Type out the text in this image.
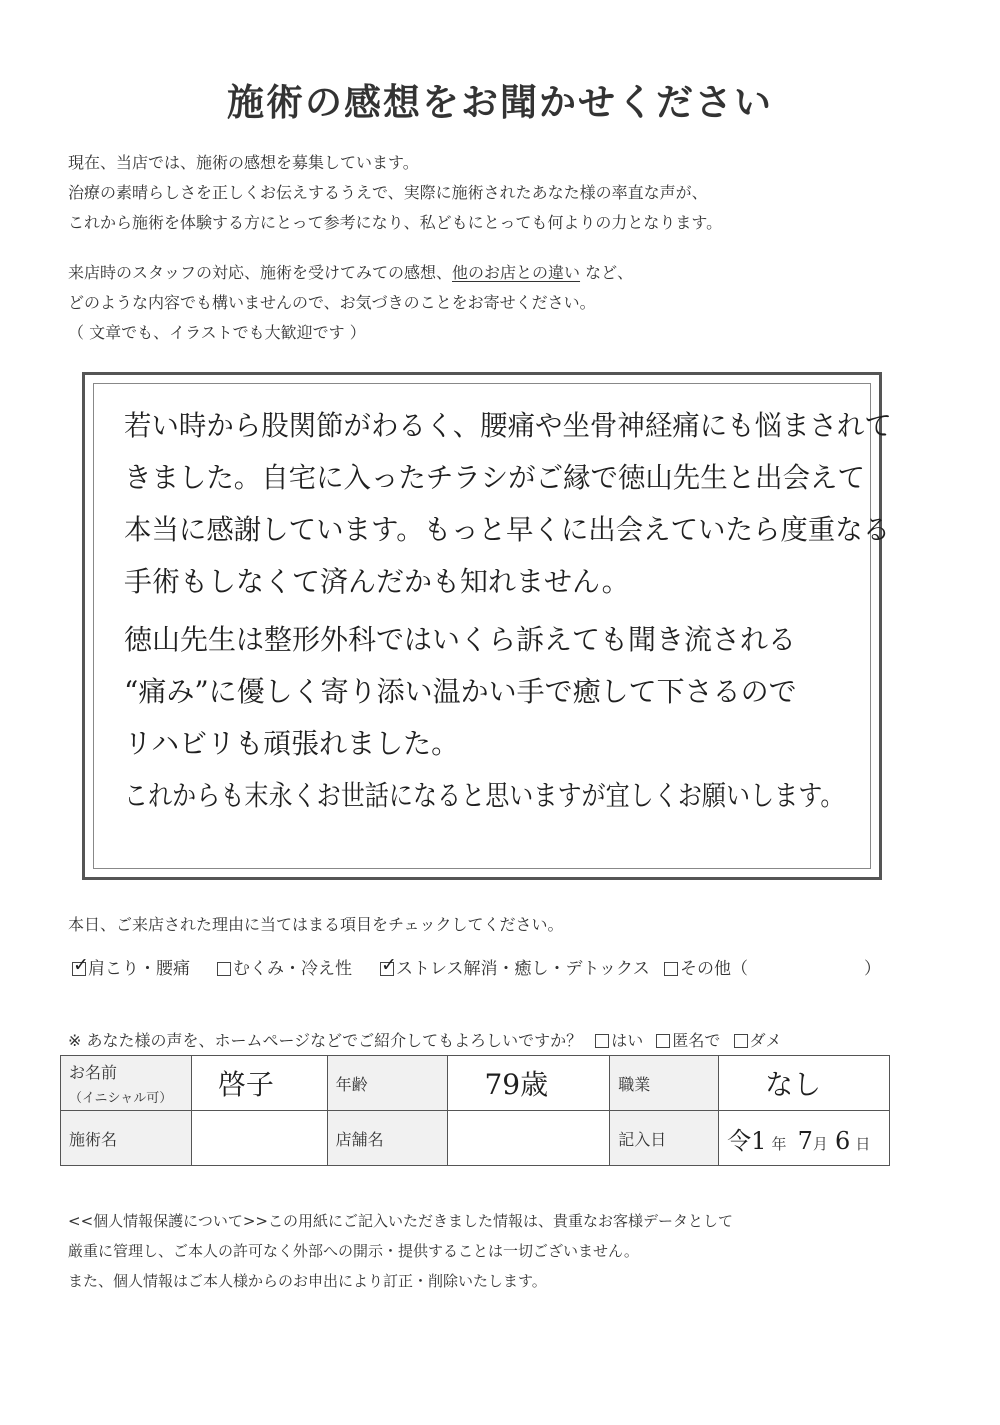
施術の感想をお聞かせください
現在、当店では、施術の感想を募集しています。
治療の素晴らしさを正しくお伝えするうえで、実際に施術されたあなた様の率直な声が、
これから施術を体験する方にとって参考になり、私どもにとっても何よりの力となります。
来店時のスタッフの対応、施術を受けてみての感想、他のお店との違い など、
どのような内容でも構いませんので、お気づきのことをお寄せください。
（ 文章でも、イラストでも大歓迎です ）
若い時から股関節がわるく、腰痛や坐骨神経痛にも悩まされて
きました。自宅に入ったチラシがご縁で徳山先生と出会えて
本当に感謝しています。もっと早くに出会えていたら度重なる
手術もしなくて済んだかも知れません。
徳山先生は整形外科ではいくら訴えても聞き流される
“痛み”に優しく寄り添い温かい手で癒して下さるので
リハビリも頑張れました。
これからも末永くお世話になると思いますが宜しくお願いします。
本日、ご来店された理由に当てはまる項目をチェックしてください。
✓肩こり・腰痛	むくみ・冷え性 ✓	ストレス解消・癒し・デトックス	その他（	）
※ あなた様の声を、ホームページなどでご紹介してもよろしいですか？ はい 匿名で ダメ
お名前
（イニシャル可）	啓子	年齢	79歳	職業	なし
施術名		店舗名		記入日	令1 年 7月 6 日
<<個人情報保護について>>この用紙にご記入いただきました情報は、貴重なお客様データとして
厳重に管理し、ご本人の許可なく外部への開示・提供することは一切ございません。
また、個人情報はご本人様からのお申出により訂正・削除いたします。
